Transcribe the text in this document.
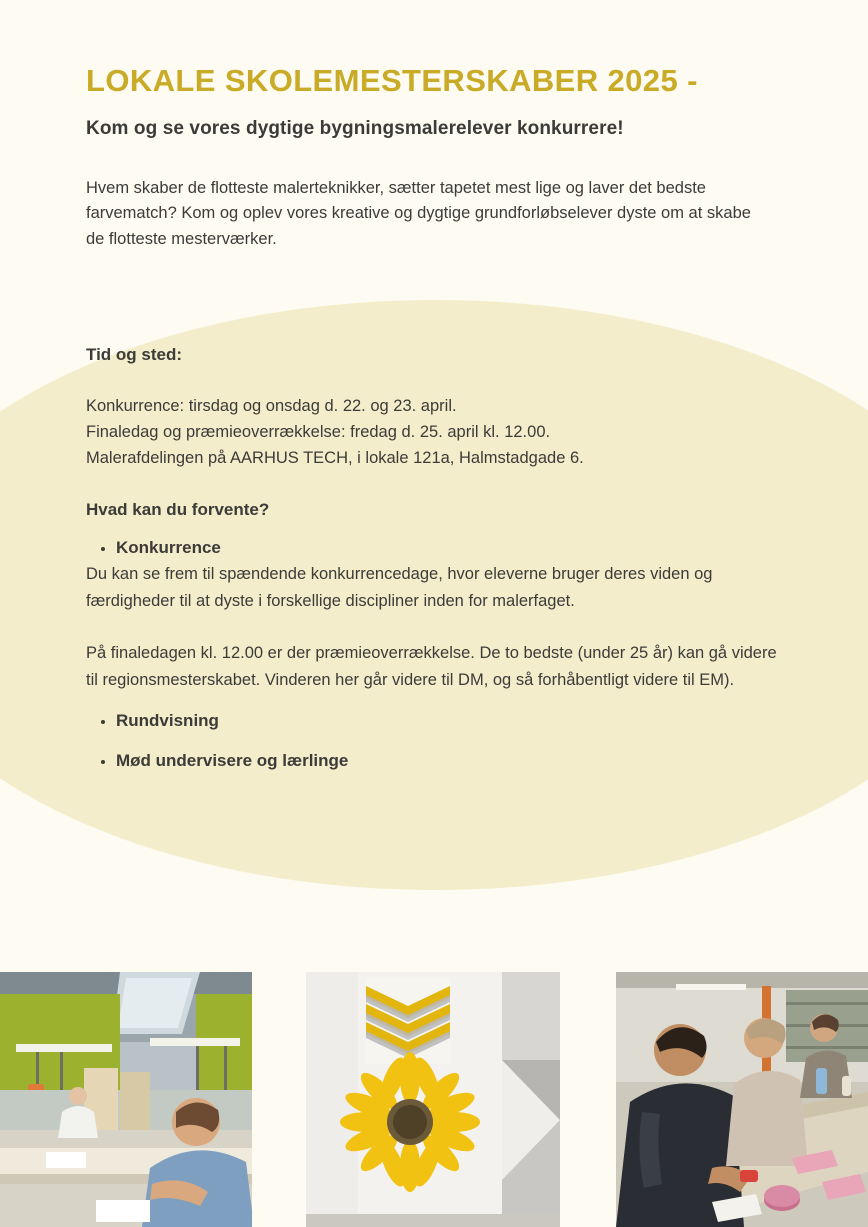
LOKALE SKOLEMESTERSKABER 2025 -

Kom og se vores dygtige bygningsmalerelever konkurrere!

Hvem skaber de flotteste malerteknikker, sætter tapetet mest lige og laver det bedste farvematch? Kom og oplev vores kreative og dygtige grundforløbselever dyste om at skabe de flotteste mesterværker.

Tid og sted:

Konkurrence: tirsdag og onsdag d. 22. og 23. april.

Finaledag og præmieoverrækkelse: fredag d. 25. april kl. 12.00.

Malerafdelingen på AARHUS TECH, i lokale 121a, Halmstadgade 6.

Hvad kan du forvente?

• Konkurrence

Du kan se frem til spændende konkurrencedage, hvor eleverne bruger deres viden og færdigheder til at dyste i forskellige discipliner inden for malerfaget.

På finaledagen kl. 12.00 er der præmieoverrækkelse. De to bedste (under 25 år) kan gå videre til regionsmesterskabet. Vinderen her går videre til DM, og så forhåbentligt videre til EM).

• Rundvisning
• Mød undervisere og lærlinge
